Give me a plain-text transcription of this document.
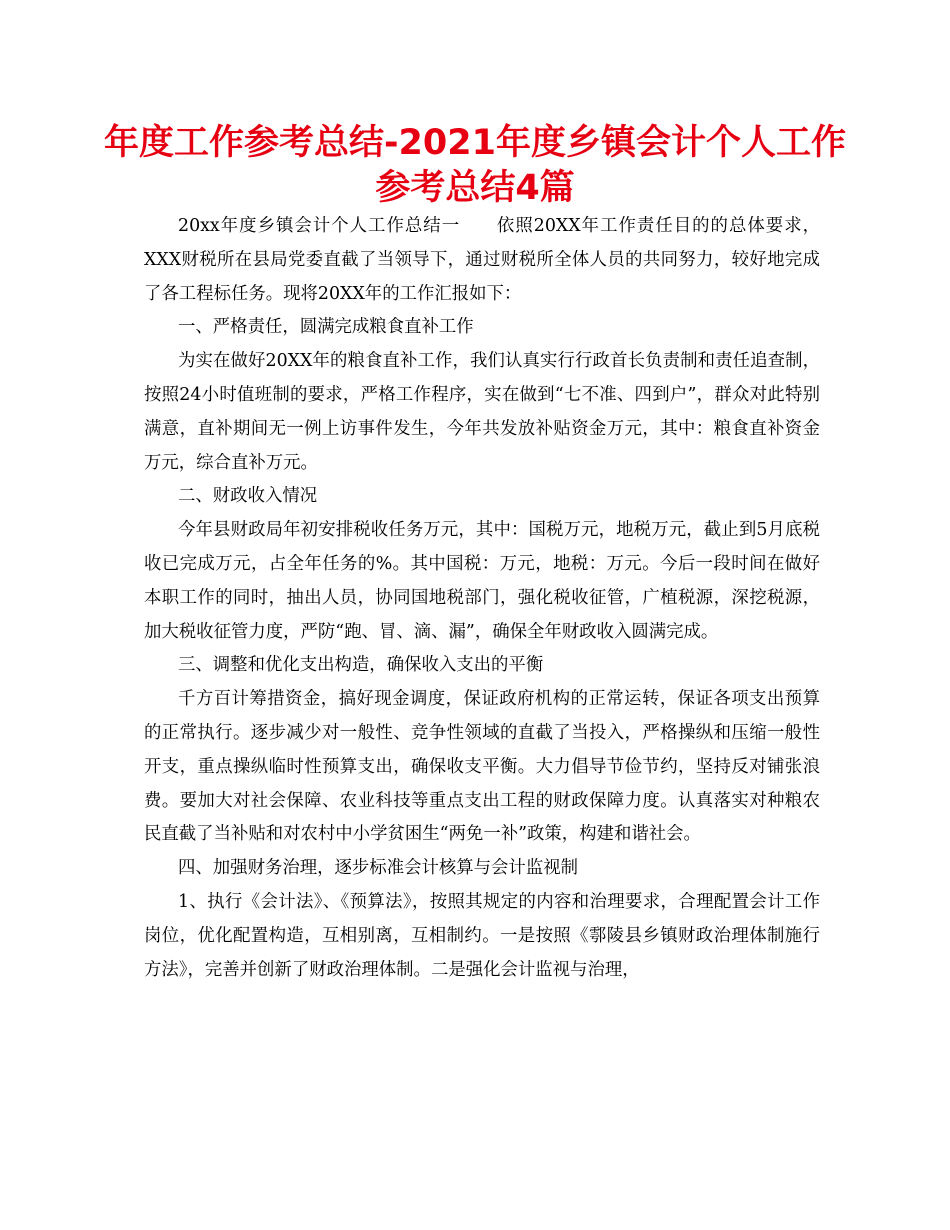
年度工作参考总结-2021年度乡镇会计个人工作
参考总结4篇

20xx年度乡镇会计个人工作总结一　　依照20XX年工作责任目的的总体要求，XXX财税所在县局党委直截了当领导下，通过财税所全体人员的共同努力，较好地完成了各工程标任务。现将20XX年的工作汇报如下：

一、严格责任，圆满完成粮食直补工作

为实在做好20XX年的粮食直补工作，我们认真实行行政首长负责制和责任追查制，按照24小时值班制的要求，严格工作程序，实在做到“七不准、四到户”，群众对此特别满意，直补期间无一例上访事件发生，今年共发放补贴资金万元，其中：粮食直补资金万元，综合直补万元。

二、财政收入情况

今年县财政局年初安排税收任务万元，其中：国税万元，地税万元，截止到5月底税收已完成万元，占全年任务的%。其中国税：万元，地税：万元。今后一段时间在做好本职工作的同时，抽出人员，协同国地税部门，强化税收征管，广植税源，深挖税源，加大税收征管力度，严防“跑、冒、滴、漏”，确保全年财政收入圆满完成。

三、调整和优化支出构造，确保收入支出的平衡

千方百计筹措资金，搞好现金调度，保证政府机构的正常运转，保证各项支出预算的正常执行。逐步减少对一般性、竞争性领域的直截了当投入，严格操纵和压缩一般性开支，重点操纵临时性预算支出，确保收支平衡。大力倡导节俭节约，坚持反对铺张浪费。要加大对社会保障、农业科技等重点支出工程的财政保障力度。认真落实对种粮农民直截了当补贴和对农村中小学贫困生“两免一补”政策，构建和谐社会。

四、加强财务治理，逐步标准会计核算与会计监视制

1、执行《会计法》、《预算法》，按照其规定的内容和治理要求，合理配置会计工作岗位，优化配置构造，互相别离，互相制约。一是按照《鄠陵县乡镇财政治理体制施行方法》，完善并创新了财政治理体制。二是强化会计监视与治理，
